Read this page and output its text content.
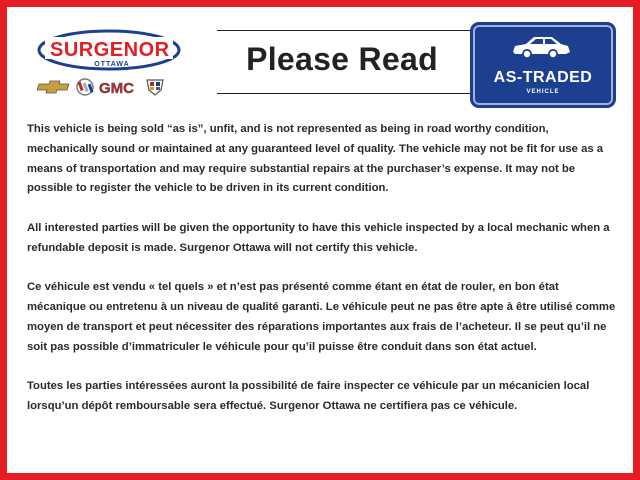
SURGENOR
OTTAWA
GMC
Please Read
AS-TRADED
VEHICLE

This vehicle is being sold “as is”, unfit, and is not represented as being in road worthy condition, mechanically sound or maintained at any guaranteed level of quality. The vehicle may not be fit for use as a means of transportation and may require substantial repairs at the purchaser’s expense. It may not be possible to register the vehicle to be driven in its current condition.

All interested parties will be given the opportunity to have this vehicle inspected by a local mechanic when a refundable deposit is made. Surgenor Ottawa will not certify this vehicle.

Ce véhicule est vendu « tel quels » et n’est pas présenté comme étant en état de rouler, en bon état mécanique ou entretenu à un niveau de qualité garanti. Le véhicule peut ne pas être apte à être utilisé comme moyen de transport et peut nécessiter des réparations importantes aux frais de l’acheteur. Il se peut qu’il ne soit pas possible d’immatriculer le véhicule pour qu’il puisse être conduit dans son état actuel.

Toutes les parties intéressées auront la possibilité de faire inspecter ce véhicule par un mécanicien local lorsqu’un dépôt remboursable sera effectué. Surgenor Ottawa ne certifiera pas ce véhicule.
